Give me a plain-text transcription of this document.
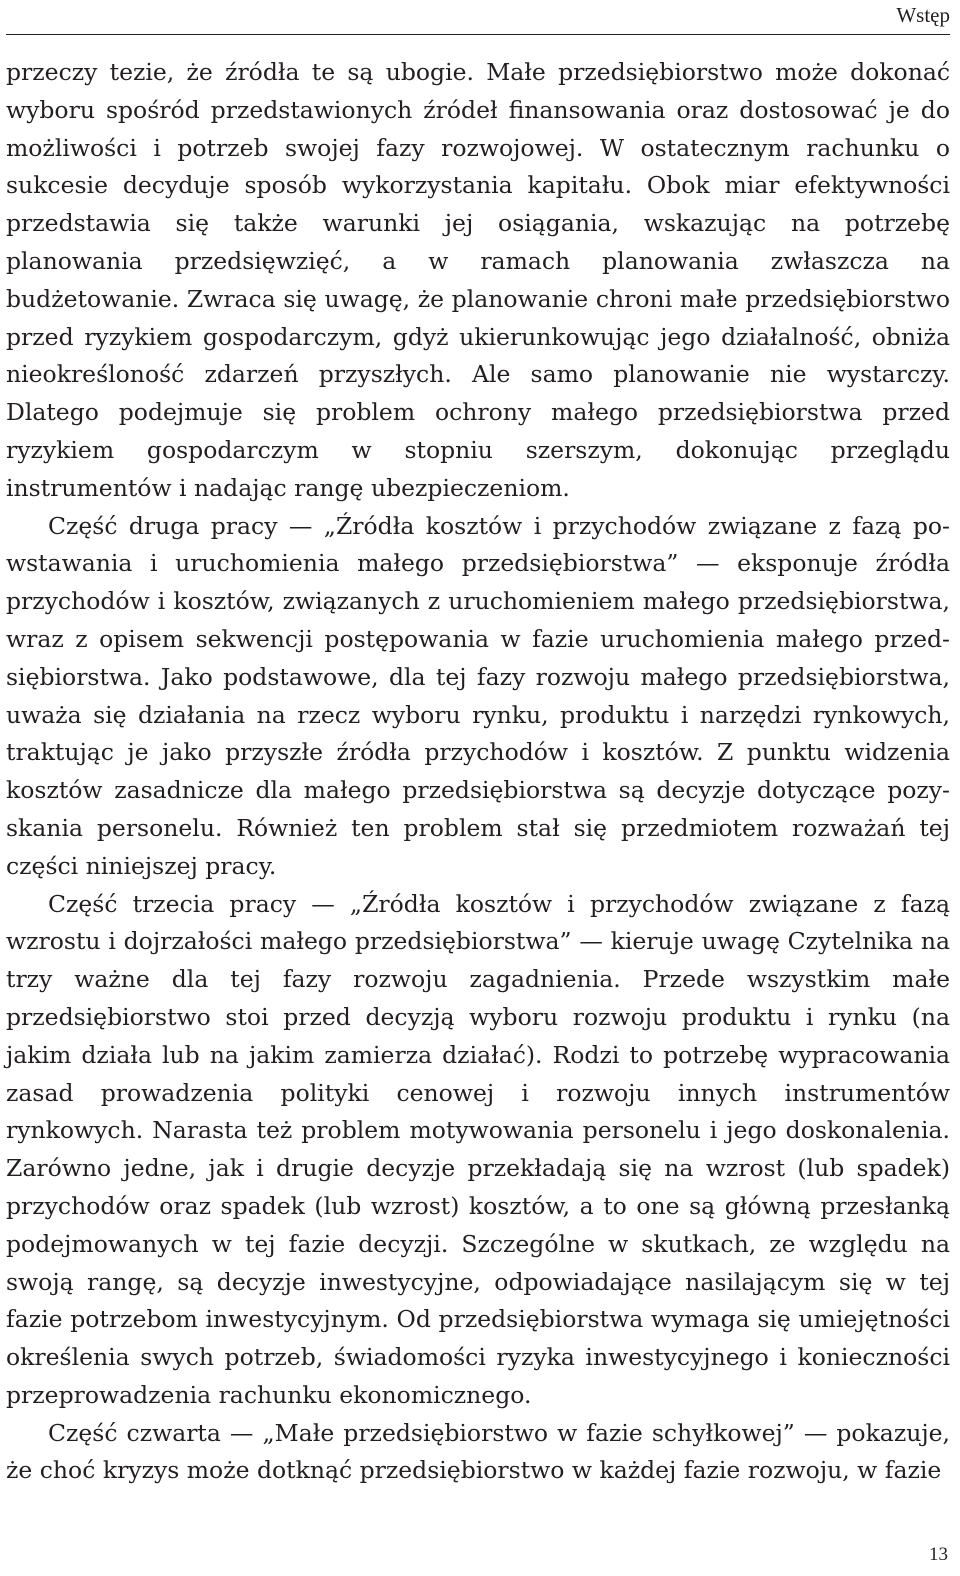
Wstęp

przeczy tezie, że źródła te są ubogie. Małe przedsiębiorstwo może dokonać wyboru spośród przedstawionych źródeł finansowania oraz dostosować je do możliwości i potrzeb swojej fazy rozwojowej. W ostatecznym rachunku o sukcesie decyduje sposób wykorzystania kapitału. Obok miar efektywności przedstawia się także warunki jej osiągania, wskazując na potrzebę planowania przedsięwzięć, a w ramach planowania zwłaszcza na budżetowanie. Zwraca się uwagę, że planowanie chroni małe przedsiębiorstwo przed ryzykiem gospodarczym, gdyż ukierunkowując jego działalność, obniża nieokreśloność zdarzeń przyszłych. Ale samo planowanie nie wystarczy. Dlatego podejmuje się problem ochrony małego przedsiębiorstwa przed ryzykiem gospodarczym w stopniu szerszym, dokonując przeglądu instrumentów i nadając rangę ubezpieczeniom.

Część druga pracy — „Źródła kosztów i przychodów związane z fazą powstawania i uruchomienia małego przedsiębiorstwa” — eksponuje źródła przychodów i kosztów, związanych z uruchomieniem małego przedsiębiorstwa, wraz z opisem sekwencji postępowania w fazie uruchomienia małego przedsiębiorstwa. Jako podstawowe, dla tej fazy rozwoju małego przedsiębiorstwa, uważa się działania na rzecz wyboru rynku, produktu i narzędzi rynkowych, traktując je jako przyszłe źródła przychodów i kosztów. Z punktu widzenia kosztów zasadnicze dla małego przedsiębiorstwa są decyzje dotyczące pozyskania personelu. Również ten problem stał się przedmiotem rozważań tej części niniejszej pracy.

Część trzecia pracy — „Źródła kosztów i przychodów związane z fazą wzrostu i dojrzałości małego przedsiębiorstwa” — kieruje uwagę Czytelnika na trzy ważne dla tej fazy rozwoju zagadnienia. Przede wszystkim małe przedsiębiorstwo stoi przed decyzją wyboru rozwoju produktu i rynku (na jakim działa lub na jakim zamierza działać). Rodzi to potrzebę wypracowania zasad prowadzenia polityki cenowej i rozwoju innych instrumentów rynkowych. Narasta też problem motywowania personelu i jego doskonalenia. Zarówno jedne, jak i drugie decyzje przekładają się na wzrost (lub spadek) przychodów oraz spadek (lub wzrost) kosztów, a to one są główną przesłanką podejmowanych w tej fazie decyzji. Szczególne w skutkach, ze względu na swoją rangę, są decyzje inwestycyjne, odpowiadające nasilającym się w tej fazie potrzebom inwestycyjnym. Od przedsiębiorstwa wymaga się umiejętności określenia swych potrzeb, świadomości ryzyka inwestycyjnego i konieczności przeprowadzenia rachunku ekonomicznego.

Część czwarta — „Małe przedsiębiorstwo w fazie schyłkowej” — pokazuje, że choć kryzys może dotknąć przedsiębiorstwo w każdej fazie rozwoju, w fazie

13
